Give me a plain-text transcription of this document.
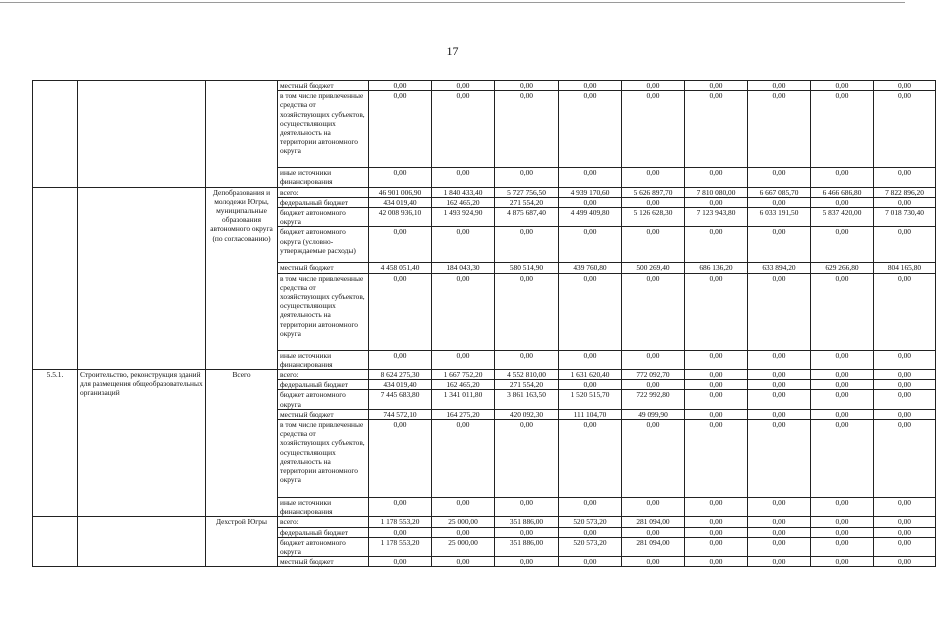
17
			местный бюджет	0,00	0,00	0,00	0,00	0,00	0,00	0,00	0,00	0,00
			в том числе привлеченные средства от хозяйствующих субъектов, осуществляющих деятельность на территории автономного округа	0,00	0,00	0,00	0,00	0,00	0,00	0,00	0,00	0,00
			иные источники финансирования	0,00	0,00	0,00	0,00	0,00	0,00	0,00	0,00	0,00
		Депобразования и молодежи Югры, муниципальные образования автономного округа (по согласованию)	всего:	46 901 006,90	1 840 433,40	5 727 756,50	4 939 170,60	5 626 897,70	7 810 080,00	6 667 085,70	6 466 686,80	7 822 896,20
			федеральный бюджет	434 019,40	162 465,20	271 554,20	0,00	0,00	0,00	0,00	0,00	0,00
			бюджет автономного округа	42 008 936,10	1 493 924,90	4 875 687,40	4 499 409,80	5 126 628,30	7 123 943,80	6 033 191,50	5 837 420,00	7 018 730,40
			бюджет автономного округа (условно-утверждаемые расходы)	0,00	0,00	0,00	0,00	0,00	0,00	0,00	0,00	0,00
			местный бюджет	4 458 051,40	184 043,30	580 514,90	439 760,80	500 269,40	686 136,20	633 894,20	629 266,80	804 165,80
			в том числе привлеченные средства от хозяйствующих субъектов, осуществляющих деятельность на территории автономного округа	0,00	0,00	0,00	0,00	0,00	0,00	0,00	0,00	0,00
			иные источники финансирования	0,00	0,00	0,00	0,00	0,00	0,00	0,00	0,00	0,00
5.5.1.	Строительство, реконструкция зданий для размещения общеобразовательных организаций	Всего	всего:	8 624 275,30	1 667 752,20	4 552 810,00	1 631 620,40	772 092,70	0,00	0,00	0,00	0,00
			федеральный бюджет	434 019,40	162 465,20	271 554,20	0,00	0,00	0,00	0,00	0,00	0,00
			бюджет автономного округа	7 445 683,80	1 341 011,80	3 861 163,50	1 520 515,70	722 992,80	0,00	0,00	0,00	0,00
			местный бюджет	744 572,10	164 275,20	420 092,30	111 104,70	49 099,90	0,00	0,00	0,00	0,00
			в том числе привлеченные средства от хозяйствующих субъектов, осуществляющих деятельность на территории автономного округа	0,00	0,00	0,00	0,00	0,00	0,00	0,00	0,00	0,00
			иные источники финансирования	0,00	0,00	0,00	0,00	0,00	0,00	0,00	0,00	0,00
		Дехстрой Югры	всего:	1 178 553,20	25 000,00	351 886,00	520 573,20	281 094,00	0,00	0,00	0,00	0,00
			федеральный бюджет	0,00	0,00	0,00	0,00	0,00	0,00	0,00	0,00	0,00
			бюджет автономного округа	1 178 553,20	25 000,00	351 886,00	520 573,20	281 094,00	0,00	0,00	0,00	0,00
			местный бюджет	0,00	0,00	0,00	0,00	0,00	0,00	0,00	0,00	0,00
